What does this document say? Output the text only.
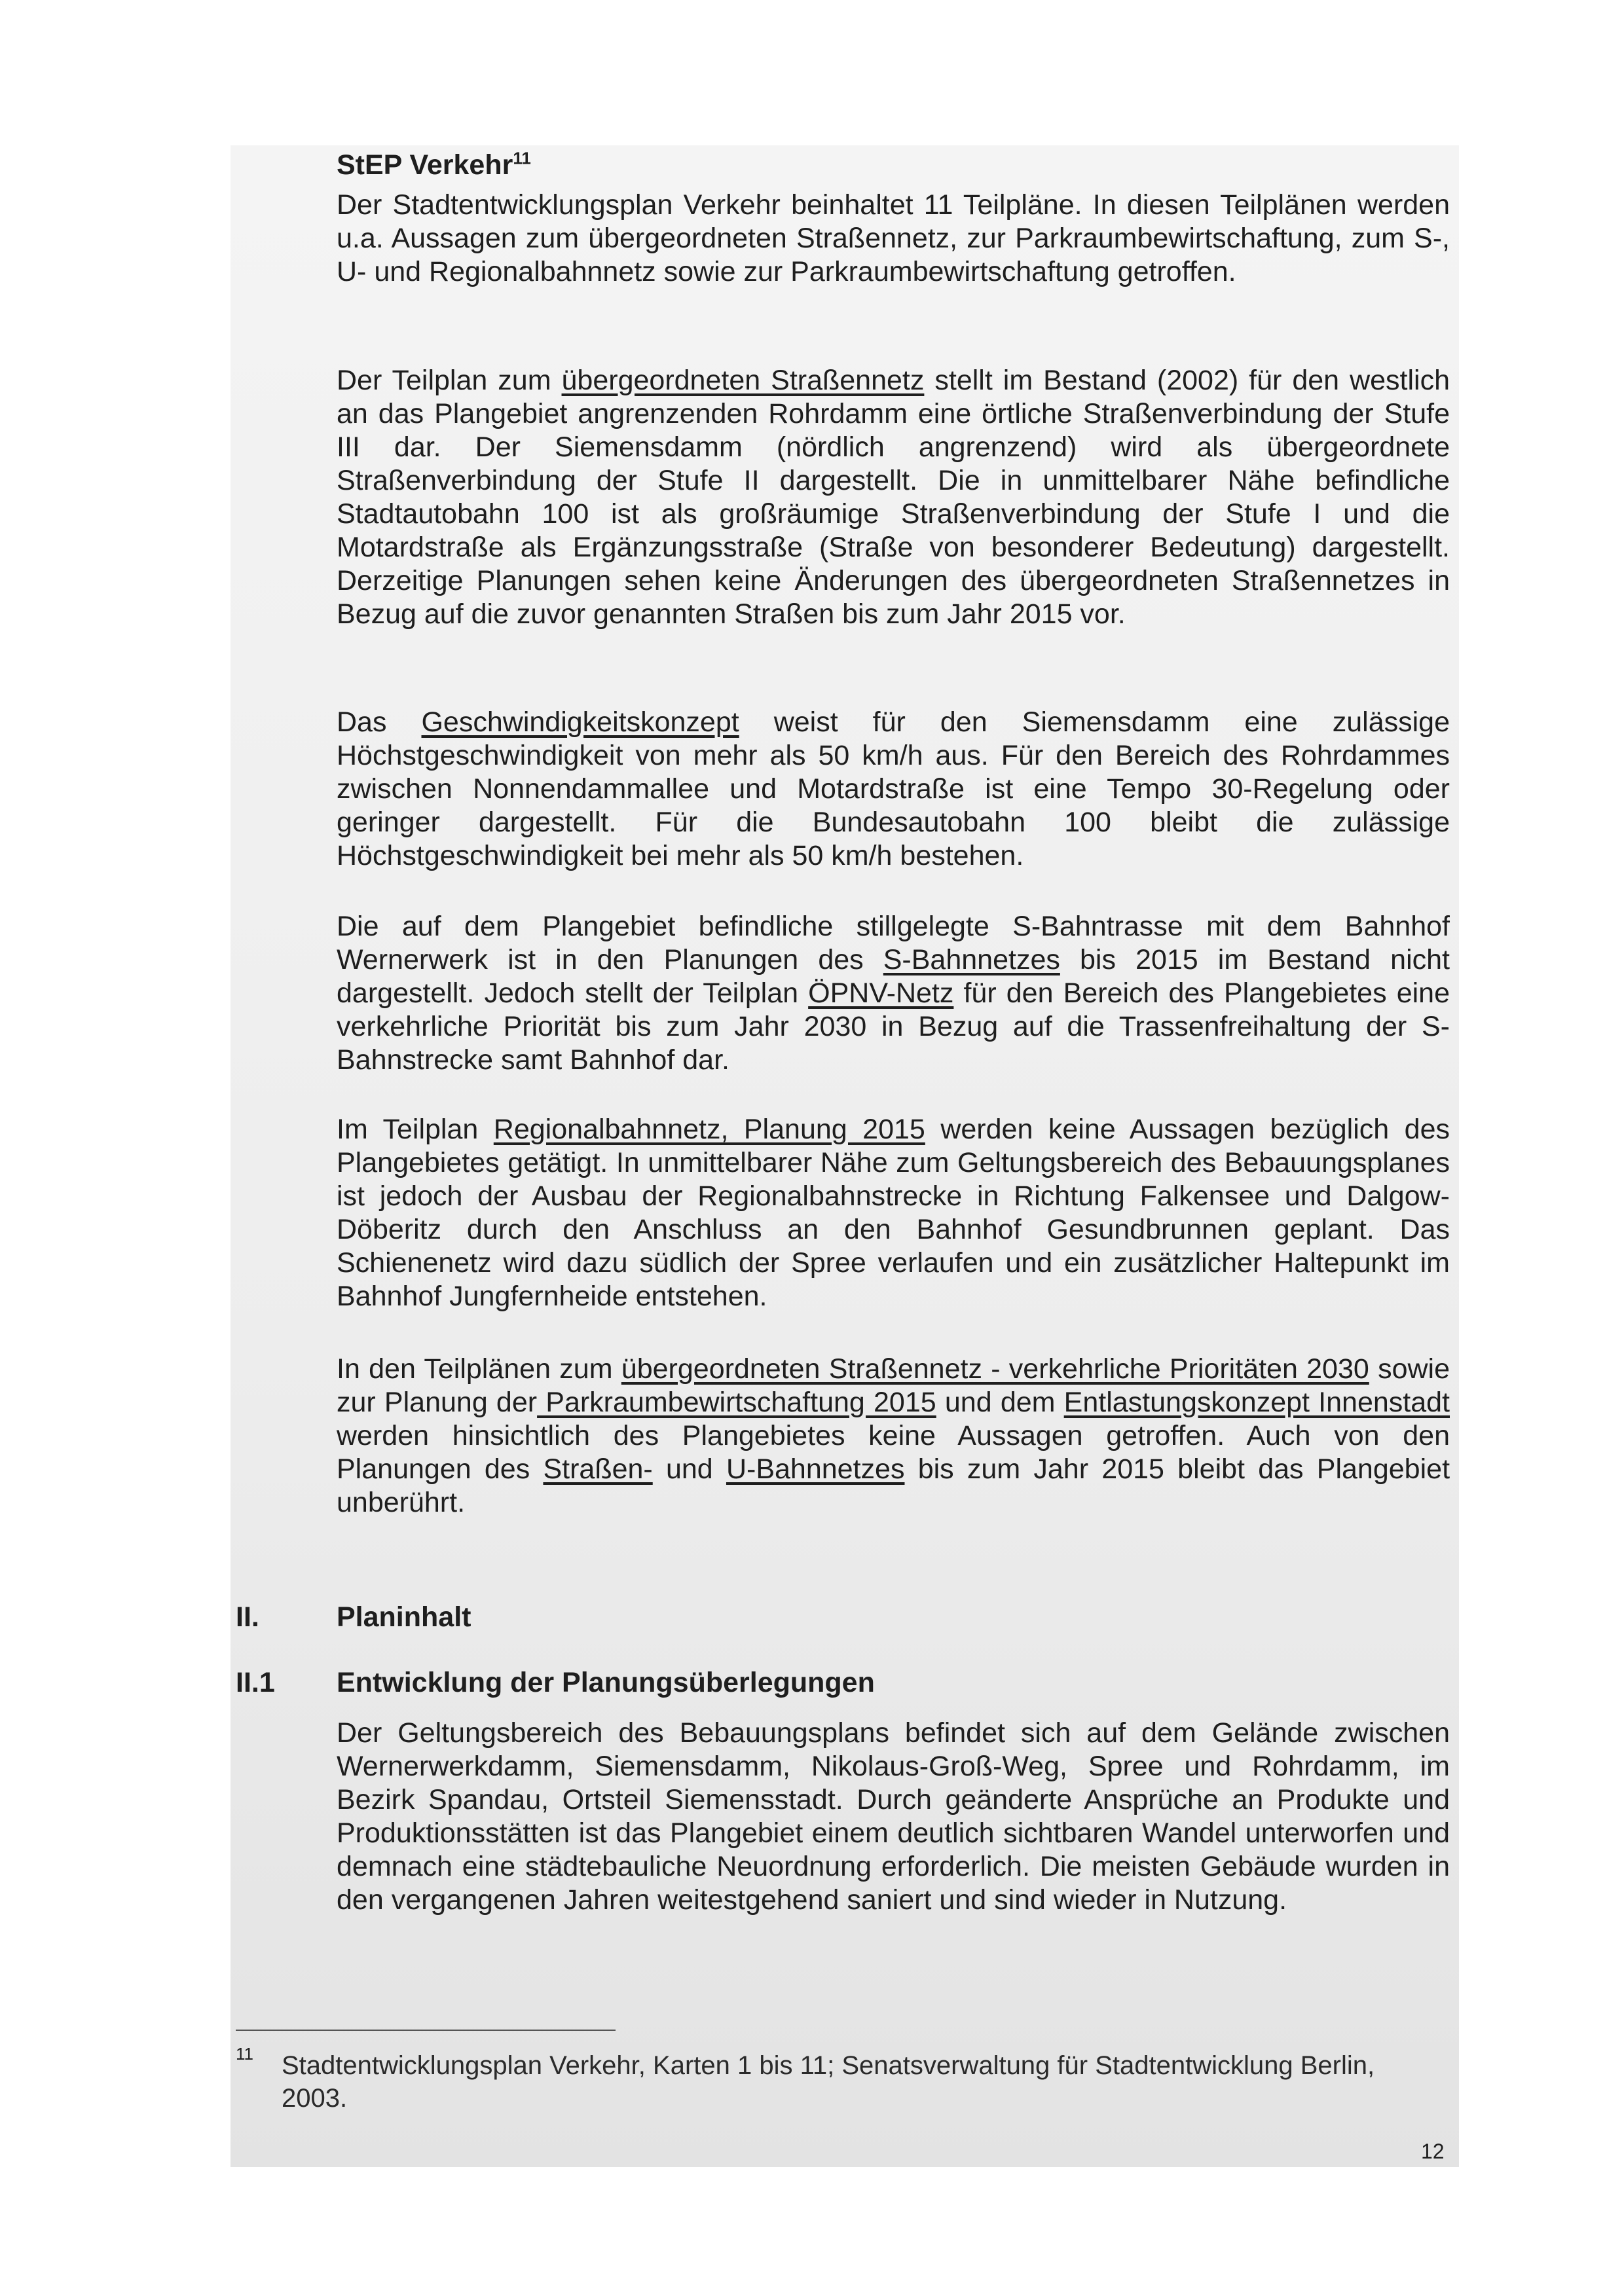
StEP Verkehr$^{11}$

Der Stadtentwicklungsplan Verkehr beinhaltet 11 Teilpläne. In diesen Teilplänen werden u.a. Aussagen zum übergeordneten Straßennetz, zur Parkraumbewirtschaftung, zum S-, U- und Regionalbahnnetz sowie zur Parkraumbewirtschaftung getroffen.

Der Teilplan zum übergeordneten Straßennetz stellt im Bestand (2002) für den westlich an das Plangebiet angrenzenden Rohrdamm eine örtliche Straßenverbindung der Stufe III dar. Der Siemensdamm (nördlich angrenzend) wird als übergeordnete Straßenverbindung der Stufe II dargestellt. Die in unmittelbarer Nähe befindliche Stadtautobahn 100 ist als großräumige Straßenverbindung der Stufe I und die Motardstraße als Ergänzungsstraße (Straße von besonderer Bedeutung) dargestellt. Derzeitige Planungen sehen keine Änderungen des übergeordneten Straßennetzes in Bezug auf die zuvor genannten Straßen bis zum Jahr 2015 vor.

Das Geschwindigkeitskonzept weist für den Siemensdamm eine zulässige Höchstgeschwindigkeit von mehr als 50 km/h aus. Für den Bereich des Rohrdammes zwischen Nonnendammallee und Motardstraße ist eine Tempo 30-Regelung oder geringer dargestellt. Für die Bundesautobahn 100 bleibt die zulässige Höchstgeschwindigkeit bei mehr als 50 km/h bestehen.

Die auf dem Plangebiet befindliche stillgelegte S-Bahntrasse mit dem Bahnhof Wernerwerk ist in den Planungen des S-Bahnnetzes bis 2015 im Bestand nicht dargestellt. Jedoch stellt der Teilplan ÖPNV-Netz für den Bereich des Plangebietes eine verkehrliche Priorität bis zum Jahr 2030 in Bezug auf die Trassenfreihaltung der S-Bahnstrecke samt Bahnhof dar.

Im Teilplan Regionalbahnnetz, Planung 2015 werden keine Aussagen bezüglich des Plangebietes getätigt. In unmittelbarer Nähe zum Geltungsbereich des Bebauungsplanes ist jedoch der Ausbau der Regionalbahnstrecke in Richtung Falkensee und Dalgow-Döberitz durch den Anschluss an den Bahnhof Gesundbrunnen geplant. Das Schienenetz wird dazu südlich der Spree verlaufen und ein zusätzlicher Haltepunkt im Bahnhof Jungfernheide entstehen.

In den Teilplänen zum übergeordneten Straßennetz - verkehrliche Prioritäten 2030 sowie zur Planung der Parkraumbewirtschaftung 2015 und dem Entlastungskonzept Innenstadt werden hinsichtlich des Plangebietes keine Aussagen getroffen. Auch von den Planungen des Straßen- und U-Bahnnetzes bis zum Jahr 2015 bleibt das Plangebiet unberührt.

II.	Planinhalt
II.1 Entwicklung der Planungsüberlegungen

Der Geltungsbereich des Bebauungsplans befindet sich auf dem Gelände zwischen Wernerwerkdamm, Siemensdamm, Nikolaus-Groß-Weg, Spree und Rohrdamm, im Bezirk Spandau, Ortsteil Siemensstadt. Durch geänderte Ansprüche an Produkte und Produktionsstätten ist das Plangebiet einem deutlich sichtbaren Wandel unterworfen und demnach eine städtebauliche Neuordnung erforderlich. Die meisten Gebäude wurden in den vergangenen Jahren weitestgehend saniert und sind wieder in Nutzung.

11 Stadtentwicklungsplan Verkehr, Karten 1 bis 11; Senatsverwaltung für Stadtentwicklung Berlin, 2003.
12
